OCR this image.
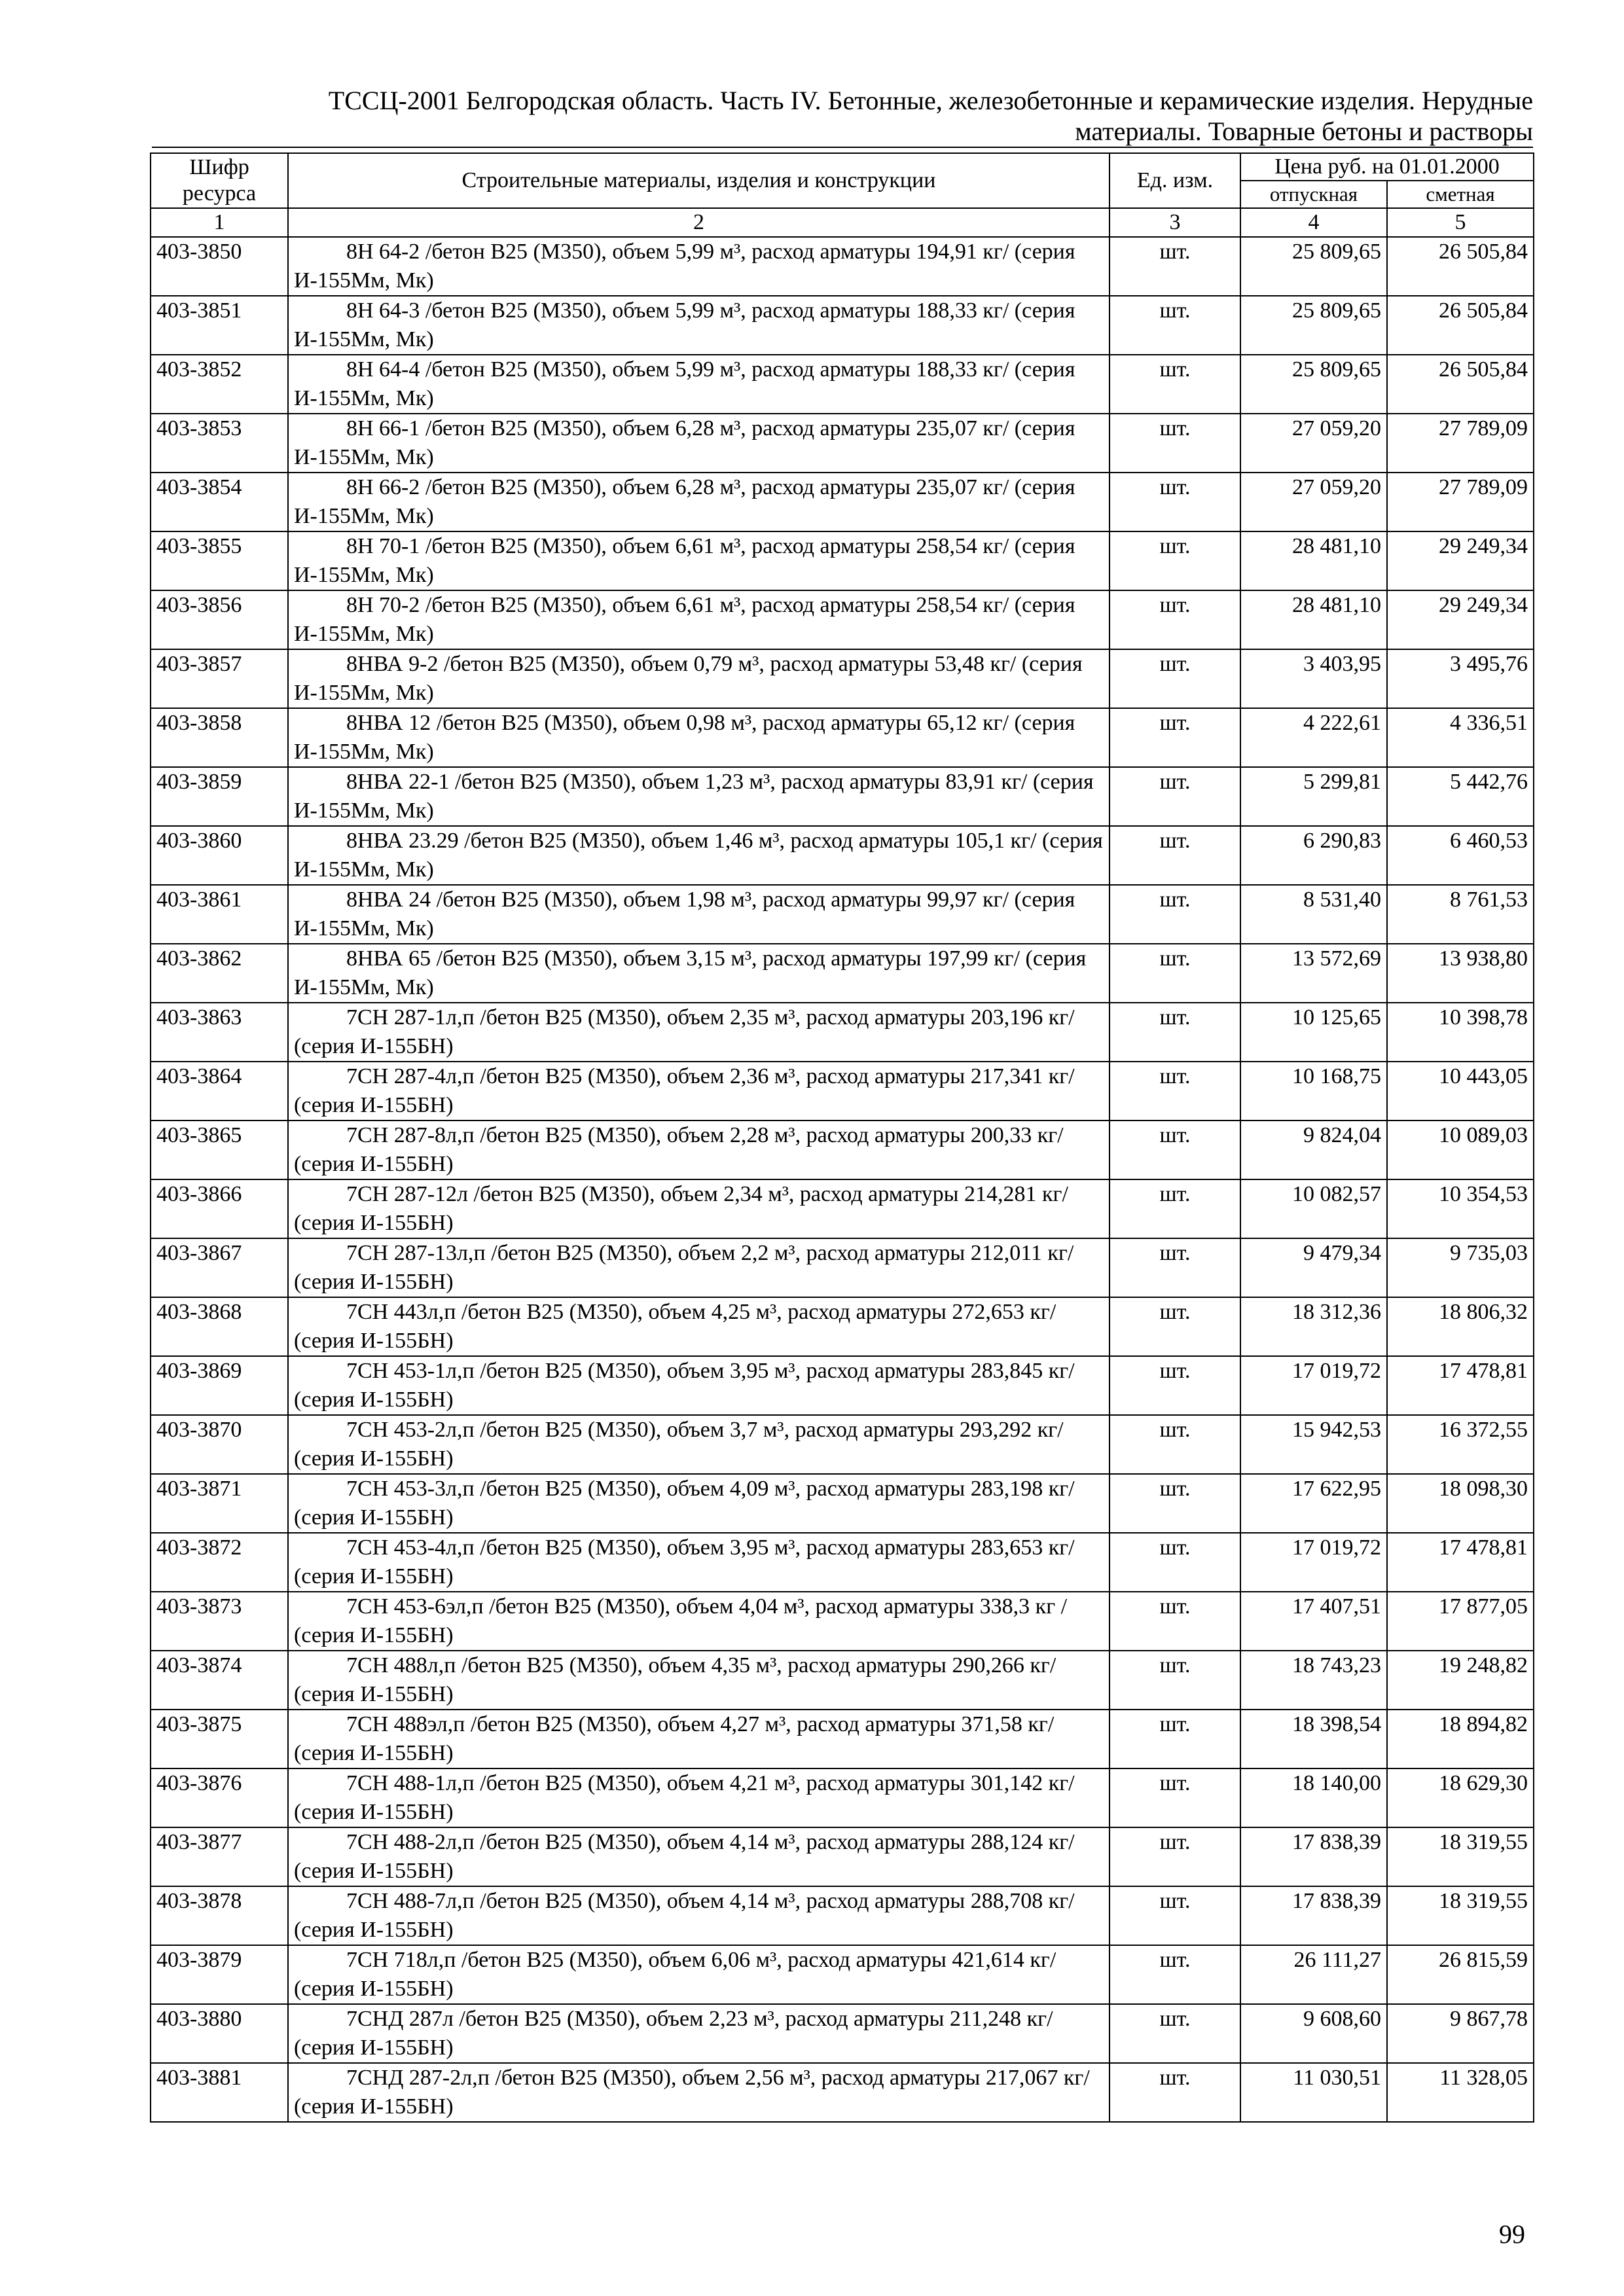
ТССЦ-2001 Белгородская область. Часть IV. Бетонные, железобетонные и керамические изделия. Нерудные
материалы. Товарные бетоны и растворы
Шифр ресурса	Строительные материалы, изделия и конструкции	Ед. изм.	Цена руб. на 01.01.2000	
			отпускная	сметная
1	2	3	4	5
403-3850	8Н 64-2 /бетон В25 (М350), объем 5,99 м³, расход арматуры 194,91 кг/ (серия И-155Мм, Мк)	шт.	25 809,65	26 505,84
403-3851	8Н 64-3 /бетон В25 (М350), объем 5,99 м³, расход арматуры 188,33 кг/ (серия И-155Мм, Мк)	шт.	25 809,65	26 505,84
403-3852	8Н 64-4 /бетон В25 (М350), объем 5,99 м³, расход арматуры 188,33 кг/ (серия И-155Мм, Мк)	шт.	25 809,65	26 505,84
403-3853	8Н 66-1 /бетон В25 (М350), объем 6,28 м³, расход арматуры 235,07 кг/ (серия И-155Мм, Мк)	шт.	27 059,20	27 789,09
403-3854	8Н 66-2 /бетон В25 (М350), объем 6,28 м³, расход арматуры 235,07 кг/ (серия И-155Мм, Мк)	шт.	27 059,20	27 789,09
403-3855	8Н 70-1 /бетон В25 (М350), объем 6,61 м³, расход арматуры 258,54 кг/ (серия И-155Мм, Мк)	шт.	28 481,10	29 249,34
403-3856	8Н 70-2 /бетон В25 (М350), объем 6,61 м³, расход арматуры 258,54 кг/ (серия И-155Мм, Мк)	шт.	28 481,10	29 249,34
403-3857	8НВА 9-2 /бетон В25 (М350), объем 0,79 м³, расход арматуры 53,48 кг/ (серия И-155Мм, Мк)	шт.	3 403,95	3 495,76
403-3858	8НВА 12 /бетон В25 (М350), объем 0,98 м³, расход арматуры 65,12 кг/ (серия И-155Мм, Мк)	шт.	4 222,61	4 336,51
403-3859	8НВА 22-1 /бетон В25 (М350), объем 1,23 м³, расход арматуры 83,91 кг/ (серия И-155Мм, Мк)	шт.	5 299,81	5 442,76
403-3860	8НВА 23.29 /бетон В25 (М350), объем 1,46 м³, расход арматуры 105,1 кг/ (серия И-155Мм, Мк)	шт.	6 290,83	6 460,53
403-3861	8НВА 24 /бетон В25 (М350), объем 1,98 м³, расход арматуры 99,97 кг/ (серия И-155Мм, Мк)	шт.	8 531,40	8 761,53
403-3862	8НВА 65 /бетон В25 (М350), объем 3,15 м³, расход арматуры 197,99 кг/ (серия И-155Мм, Мк)	шт.	13 572,69	13 938,80
403-3863	7СН 287-1л,п /бетон В25 (М350), объем 2,35 м³, расход арматуры 203,196 кг/ (серия И-155БН)	шт.	10 125,65	10 398,78
403-3864	7СН 287-4л,п /бетон В25 (М350), объем 2,36 м³, расход арматуры 217,341 кг/ (серия И-155БН)	шт.	10 168,75	10 443,05
403-3865	7СН 287-8л,п /бетон В25 (М350), объем 2,28 м³, расход арматуры 200,33 кг/ (серия И-155БН)	шт.	9 824,04	10 089,03
403-3866	7СН 287-12л /бетон В25 (М350), объем 2,34 м³, расход арматуры 214,281 кг/ (серия И-155БН)	шт.	10 082,57	10 354,53
403-3867	7СН 287-13л,п /бетон В25 (М350), объем 2,2 м³, расход арматуры 212,011 кг/ (серия И-155БН)	шт.	9 479,34	9 735,03
403-3868	7СН 443л,п /бетон В25 (М350), объем 4,25 м³, расход арматуры 272,653 кг/ (серия И-155БН)	шт.	18 312,36	18 806,32
403-3869	7СН 453-1л,п /бетон В25 (М350), объем 3,95 м³, расход арматуры 283,845 кг/ (серия И-155БН)	шт.	17 019,72	17 478,81
403-3870	7СН 453-2л,п /бетон В25 (М350), объем 3,7 м³, расход арматуры 293,292 кг/ (серия И-155БН)	шт.	15 942,53	16 372,55
403-3871	7СН 453-3л,п /бетон В25 (М350), объем 4,09 м³, расход арматуры 283,198 кг/ (серия И-155БН)	шт.	17 622,95	18 098,30
403-3872	7СН 453-4л,п /бетон В25 (М350), объем 3,95 м³, расход арматуры 283,653 кг/ (серия И-155БН)	шт.	17 019,72	17 478,81
403-3873	7СН 453-6эл,п /бетон В25 (М350), объем 4,04 м³, расход арматуры 338,3 кг / (серия И-155БН)	шт.	17 407,51	17 877,05
403-3874	7СН 488л,п /бетон В25 (М350), объем 4,35 м³, расход арматуры 290,266 кг/ (серия И-155БН)	шт.	18 743,23	19 248,82
403-3875	7СН 488эл,п /бетон В25 (М350), объем 4,27 м³, расход арматуры 371,58 кг/ (серия И-155БН)	шт.	18 398,54	18 894,82
403-3876	7СН 488-1л,п /бетон В25 (М350), объем 4,21 м³, расход арматуры 301,142 кг/ (серия И-155БН)	шт.	18 140,00	18 629,30
403-3877	7СН 488-2л,п /бетон В25 (М350), объем 4,14 м³, расход арматуры 288,124 кг/ (серия И-155БН)	шт.	17 838,39	18 319,55
403-3878	7СН 488-7л,п /бетон В25 (М350), объем 4,14 м³, расход арматуры 288,708 кг/ (серия И-155БН)	шт.	17 838,39	18 319,55
403-3879	7СН 718л,п /бетон В25 (М350), объем 6,06 м³, расход арматуры 421,614 кг/ (серия И-155БН)	шт.	26 111,27	26 815,59
403-3880	7СНД 287л /бетон В25 (М350), объем 2,23 м³, расход арматуры 211,248 кг/ (серия И-155БН)	шт.	9 608,60	9 867,78
403-3881	7СНД 287-2л,п /бетон В25 (М350), объем 2,56 м³, расход арматуры 217,067 кг/ (серия И-155БН)	шт.	11 030,51	11 328,05
99
